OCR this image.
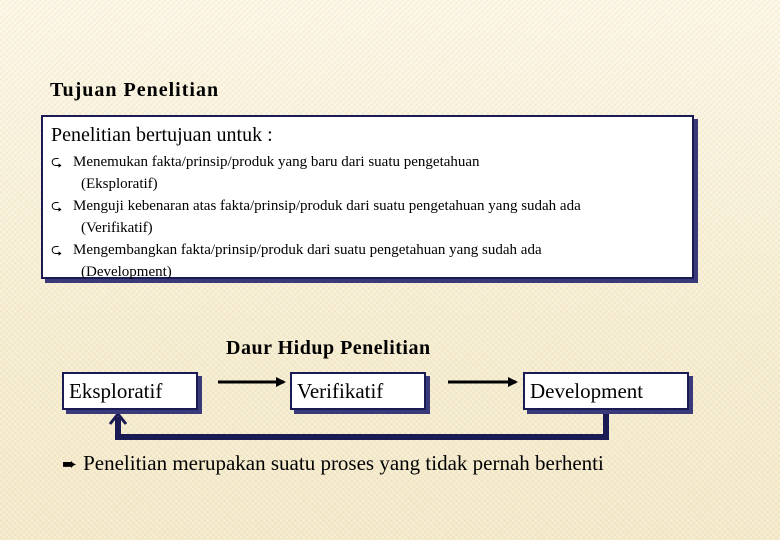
Tujuan Penelitian
Penelitian bertujuan untuk :
⮎ Menemukan fakta/prinsip/produk yang baru dari suatu pengetahuan
(Eksploratif)
⮎ Menguji kebenaran atas fakta/prinsip/produk dari suatu pengetahuan yang sudah ada
(Verifikatif)
⮎ Mengembangkan fakta/prinsip/produk dari suatu pengetahuan yang sudah ada
(Development)
Daur Hidup Penelitian
Eksploratif	Verifikatif	Development
➨ Penelitian merupakan suatu proses yang tidak pernah berhenti
